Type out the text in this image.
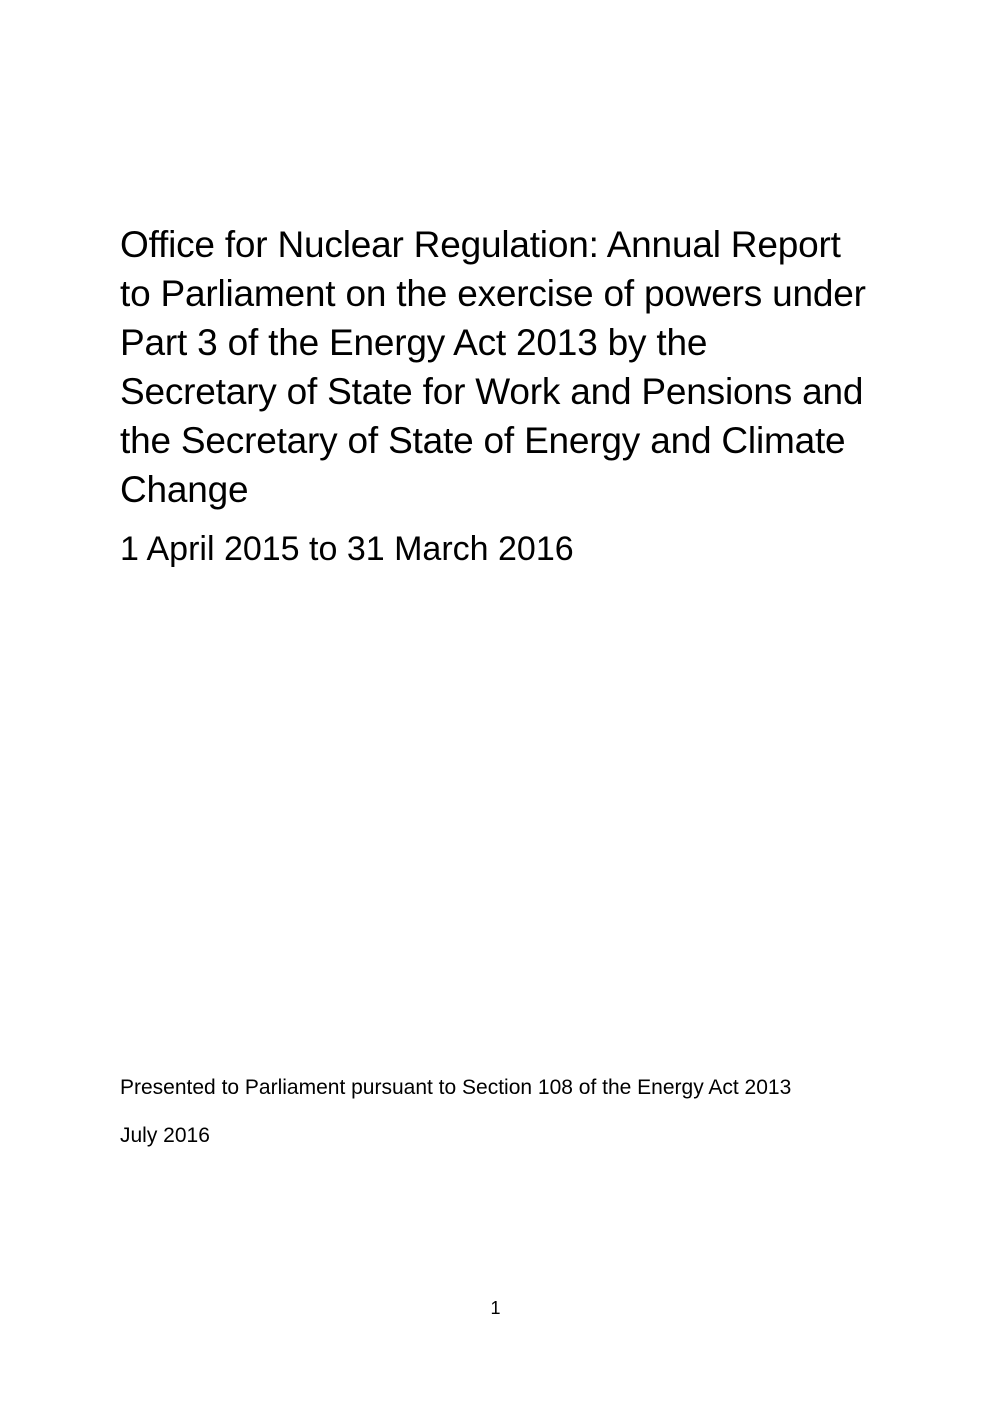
Office for Nuclear Regulation: Annual Report
to Parliament on the exercise of powers under
Part 3 of the Energy Act 2013 by the
Secretary of State for Work and Pensions and
the Secretary of State of Energy and Climate
Change

1 April 2015 to 31 March 2016

Presented to Parliament pursuant to Section 108 of the Energy Act 2013

July 2016

1
